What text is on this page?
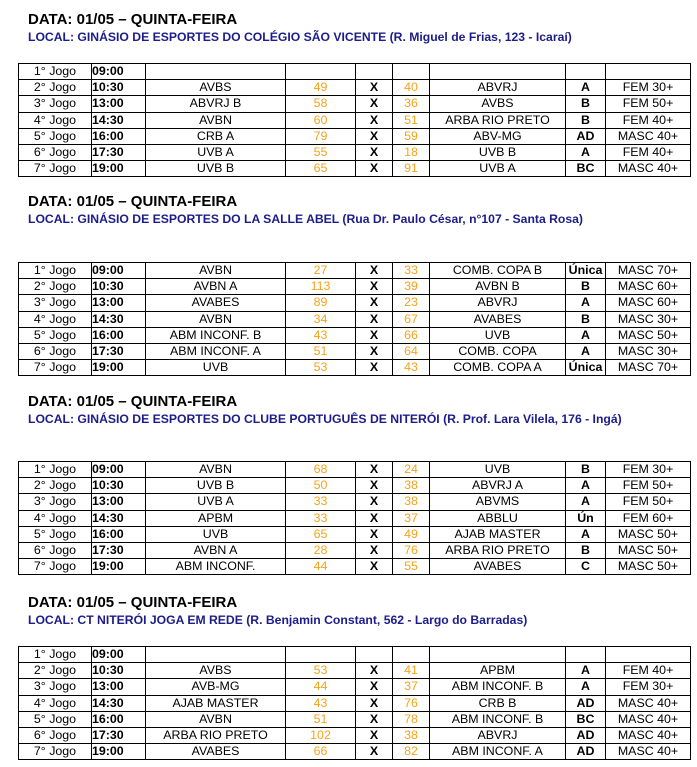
DATA: 01/05 – QUINTA-FEIRA
LOCAL: GINÁSIO DE ESPORTES DO COLÉGIO SÃO VICENTE (R. Miguel de Frias, 123 - Icaraí)
1° Jogo	09:00							
2° Jogo	10:30	AVBS	49	X	40	ABVRJ	A	FEM 30+
3° Jogo	13:00	ABVRJ B	58	X	36	AVBS	B	FEM 50+
4° Jogo	14:30	AVBN	60	X	51	ARBA RIO PRETO	B	FEM 40+
5° Jogo	16:00	CRB A	79	X	59	ABV-MG	AD	MASC 40+
6° Jogo	17:30	UVB A	55	X	18	UVB B	A	FEM 40+
7° Jogo	19:00	UVB B	65	X	91	UVB A	BC	MASC 40+
DATA: 01/05 – QUINTA-FEIRA
LOCAL: GINÁSIO DE ESPORTES DO LA SALLE ABEL (Rua Dr. Paulo César, n°107 - Santa Rosa)
1° Jogo	09:00	AVBN	27	X	33	COMB. COPA B	Única	MASC 70+
2° Jogo	10:30	AVBN A	113	X	39	AVBN B	B	MASC 60+
3° Jogo	13:00	AVABES	89	X	23	ABVRJ	A	MASC 60+
4° Jogo	14:30	AVBN	34	X	67	AVABES	B	MASC 30+
5° Jogo	16:00	ABM INCONF. B	43	X	66	UVB	A	MASC 50+
6° Jogo	17:30	ABM INCONF. A	51	X	64	COMB. COPA	A	MASC 30+
7° Jogo	19:00	UVB	53	X	43	COMB. COPA A	Única	MASC 70+
DATA: 01/05 – QUINTA-FEIRA
LOCAL: GINÁSIO DE ESPORTES DO CLUBE PORTUGUÊS DE NITERÓI (R. Prof. Lara Vilela, 176 - Ingá)
1° Jogo	09:00	AVBN	68	X	24	UVB	B	FEM 30+
2° Jogo	10:30	UVB B	50	X	38	ABVRJ A	A	FEM 50+
3° Jogo	13:00	UVB A	33	X	38	ABVMS	A	FEM 50+
4° Jogo	14:30	APBM	33	X	37	ABBLU	Ún	FEM 60+
5° Jogo	16:00	UVB	65	X	49	AJAB MASTER	A	MASC 50+
6° Jogo	17:30	AVBN A	28	X	76	ARBA RIO PRETO	B	MASC 50+
7° Jogo	19:00	ABM INCONF.	44	X	55	AVABES	C	MASC 50+
DATA: 01/05 – QUINTA-FEIRA
LOCAL: CT NITERÓI JOGA EM REDE (R. Benjamin Constant, 562 - Largo do Barradas)
1° Jogo	09:00							
2° Jogo	10:30	AVBS	53	X	41	APBM	A	FEM 40+
3° Jogo	13:00	AVB-MG	44	X	37	ABM INCONF. B	A	FEM 30+
4° Jogo	14:30	AJAB MASTER	43	X	76	CRB B	AD	MASC 40+
5° Jogo	16:00	AVBN	51	X	78	ABM INCONF. B	BC	MASC 40+
6° Jogo	17:30	ARBA RIO PRETO	102	X	38	ABVRJ	AD	MASC 40+
7° Jogo	19:00	AVABES	66	X	82	ABM INCONF. A	AD	MASC 40+
